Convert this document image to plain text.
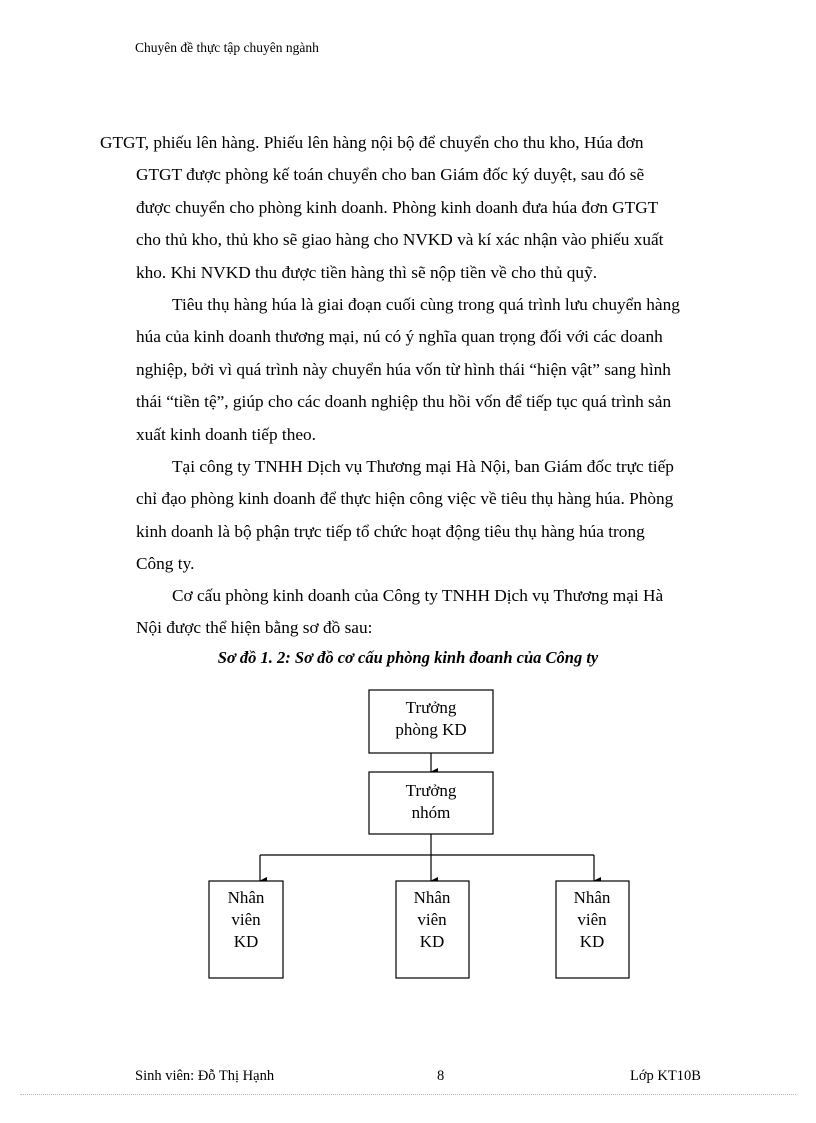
Chuyên đề thực tập chuyên ngành
GTGT, phiếu lên hàng. Phiếu lên hàng nội bộ để chuyển cho thu kho, Húa đơn
GTGT được phòng kế toán chuyển cho ban Giám đốc ký duyệt, sau đó sẽ
được chuyển cho phòng kinh doanh. Phòng kinh doanh đưa húa đơn GTGT
cho thủ kho, thủ kho sẽ giao hàng cho NVKD và kí xác nhận vào phiếu xuất
kho. Khi NVKD thu được tiền hàng thì sẽ nộp tiền về cho thủ quỹ.
Tiêu thụ hàng húa là giai đoạn cuối cùng trong quá trình lưu chuyển hàng
húa của kinh doanh thương mại, nú có ý nghĩa quan trọng đối với các doanh
nghiệp, bởi vì quá trình này chuyển húa vốn từ hình thái “hiện vật” sang hình
thái “tiền tệ”, giúp cho các doanh nghiệp thu hồi vốn để tiếp tục quá trình sản
xuất kinh doanh tiếp theo.
Tại công ty TNHH Dịch vụ Thương mại Hà Nội, ban Giám đốc trực tiếp
chỉ đạo phòng kinh doanh để thực hiện công việc về tiêu thụ hàng húa. Phòng
kinh doanh là bộ phận trực tiếp tổ chức hoạt động tiêu thụ hàng húa trong
Công ty.
Cơ cấu phòng kinh doanh của Công ty TNHH Dịch vụ Thương mại Hà
Nội được thể hiện bằng sơ đồ sau:
Sơ đồ 1. 2: Sơ đồ cơ cấu phòng kinh đoanh của Công ty
Trưởng
phòng KD
Trưởng
nhóm
Nhân
viên
KD
Nhân
viên
KD
Nhân
viên
KD
Sinh viên: Đỗ Thị Hạnh	8	Lớp KT10B
